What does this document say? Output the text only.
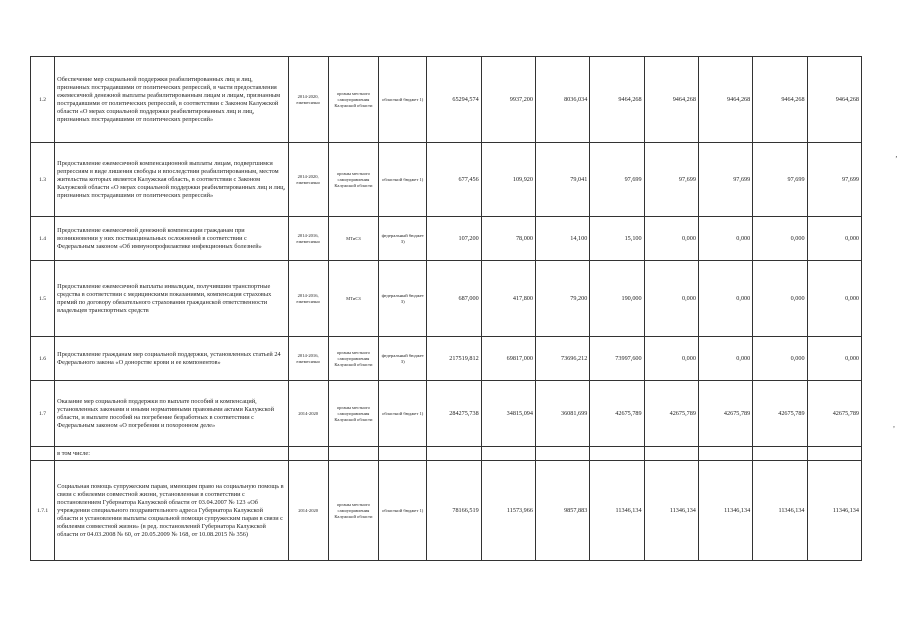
1.2	Обеспечение мер социальной поддержки реабилитированных лиц и лиц, признанных пострадавшими от политических репрессий, в части предоставления ежемесячной денежной выплаты реабилитированным лицам и лицам, признанным пострадавшими от политических репрессий, в соответствии с Законом Калужской области «О мерах социальной поддержки реабилитированных лиц и лиц, признанных пострадавшими от политических репрессий»	2014-2020, ежемесячно	органы местного самоуправления Калужской области	областной бюджет 1)	65294,574	9937,200	8036,034	9464,268	9464,268	9464,268	9464,268	9464,268
1.3	Предоставление ежемесячной компенсационной выплаты лицам, подвергшимся репрессиям в виде лишения свободы и впоследствии реабилитированным, местом жительства которых является Калужская область, в соответствии с Законом Калужской области «О мерах социальной поддержки реабилитированных лиц и лиц, признанных пострадавшими от политических репрессий»	2014-2020, ежемесячно	органы местного самоуправления Калужской области	областной бюджет 1)	677,456	109,920	79,041	97,699	97,699	97,699	97,699	97,699
1.4	Предоставление ежемесячной денежной компенсации гражданам при возникновении у них поствакцинальных осложнений в соответствии с Федеральным законом «Об иммунопрофилактике инфекционных болезней»	2014-2016, ежемесячно	МТиСЗ	федеральный бюджет 3)	107,200	78,000	14,100	15,100	0,000	0,000	0,000	0,000
1.5	Предоставление ежемесячной выплаты инвалидам, получившим транспортные средства в соответствии с медицинскими показаниями, компенсация страховых премий по договору обязательного страхования гражданской ответственности владельцев транспортных средств	2014-2016, ежемесячно	МТиСЗ	федеральный бюджет 3)	687,000	417,800	79,200	190,000	0,000	0,000	0,000	0,000
1.6	Предоставление гражданам мер социальной поддержки, установленных статьей 24 Федерального закона «О донорстве крови и ее компонентов»	2014-2016, ежемесячно	органы местного самоуправления Калужской области	федеральный бюджет 3)	217519,812	69817,000	73696,212	73997,600	0,000	0,000	0,000	0,000
1.7	Оказание мер социальной поддержки по выплате пособий и компенсаций, установленных законами и иными нормативными правовыми актами Калужской области, и выплате пособий на погребение безработных в соответствии с Федеральным законом «О погребении и похоронном деле»	2014-2020	органы местного самоуправления Калужской области	областной бюджет 1)	284275,738	34815,094	36081,699	42675,789	42675,789	42675,789	42675,789	42675,789
	в том числе:											
1.7.1	Социальная помощь супружеским парам, имеющим право на социальную помощь в связи с юбилеями совместной жизни, установленная в соответствии с постановлением Губернатора Калужской области от 03.04.2007 № 123 «Об учреждении специального поздравительного адреса Губернатора Калужской области и установлении выплаты социальной помощи супружеским парам в связи с юбилеями совместной жизни» (в ред. постановлений Губернатора Калужской области от 04.03.2008 № 60, от 20.05.2009 № 168, от 10.08.2015 № 356)	2014-2020	органы местного самоуправления Калужской области	областной бюджет 1)	78166,519	11573,966	9857,883	11346,134	11346,134	11346,134	11346,134	11346,134
‚
,
